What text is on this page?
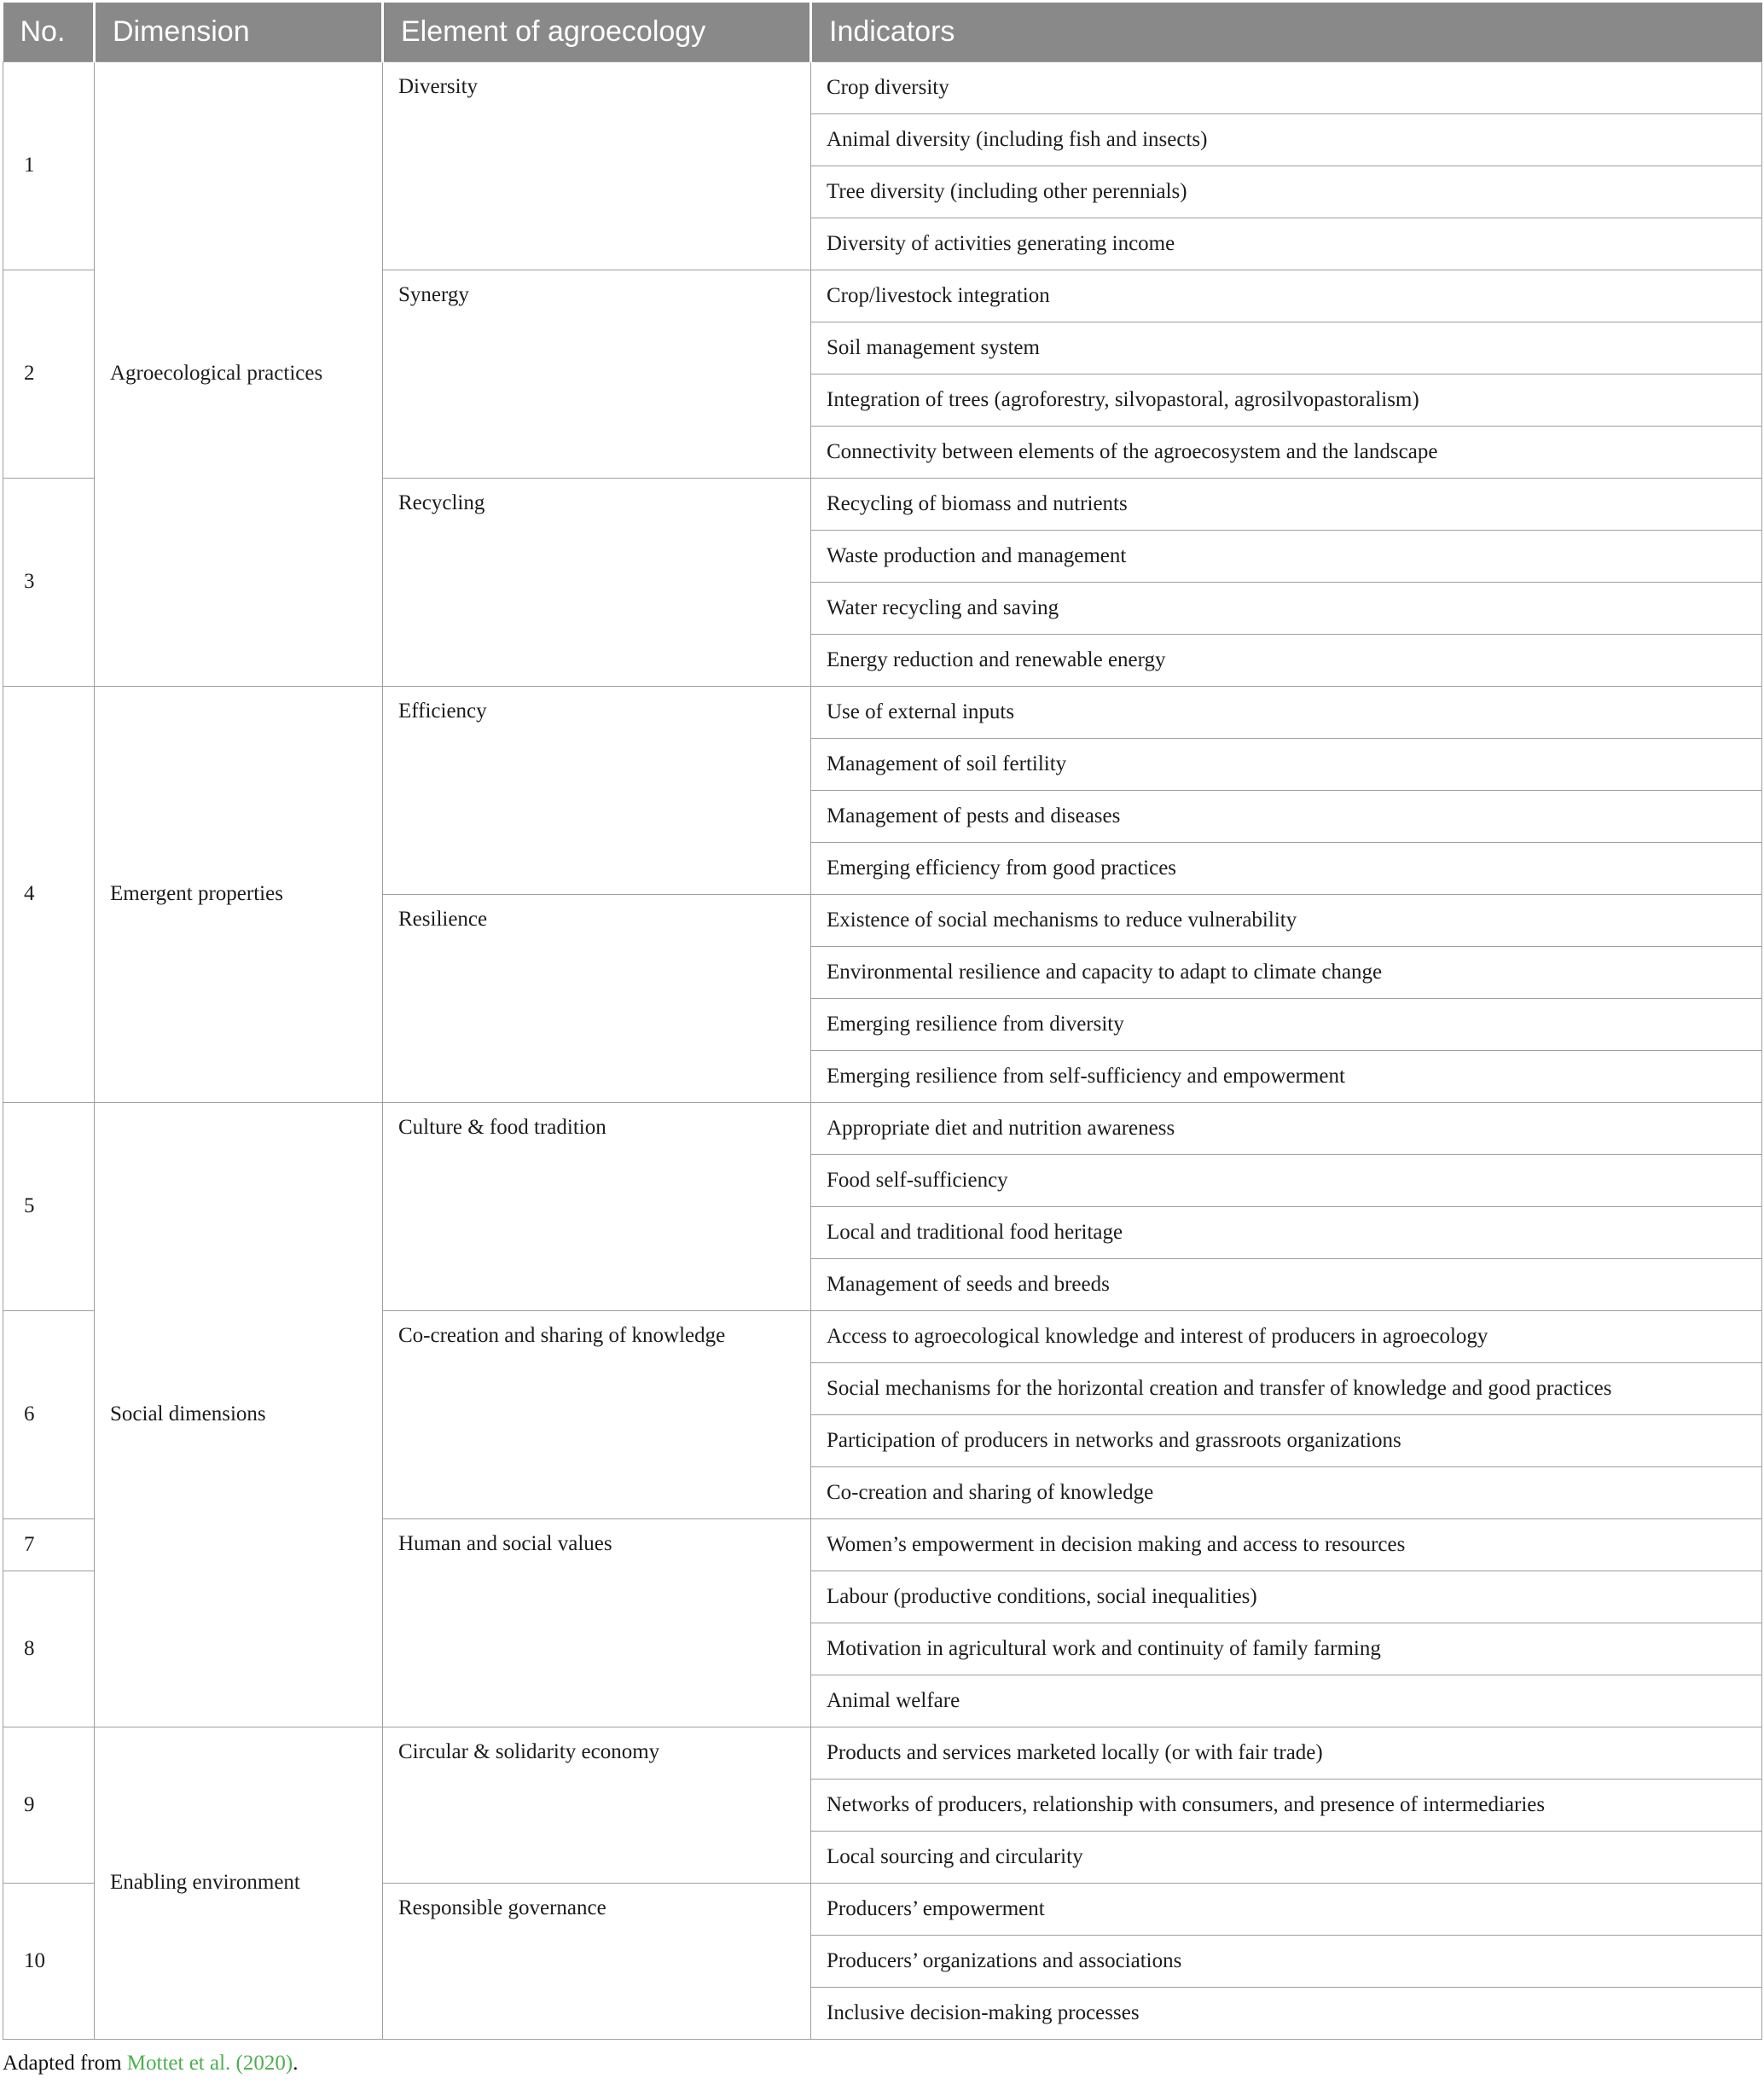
No.	Dimension	Element of agroecology	Indicators
1	Agroecological practices	Diversity	Crop diversity
			Animal diversity (including fish and insects)
			Tree diversity (including other perennials)
			Diversity of activities generating income
2		Synergy	Crop/livestock integration
			Soil management system
			Integration of trees (agroforestry, silvopastoral, agrosilvopastoralism)
			Connectivity between elements of the agroecosystem and the landscape
3		Recycling	Recycling of biomass and nutrients
			Waste production and management
			Water recycling and saving
			Energy reduction and renewable energy
4	Emergent properties	Efficiency	Use of external inputs
			Management of soil fertility
			Management of pests and diseases
			Emerging efficiency from good practices
		Resilience	Existence of social mechanisms to reduce vulnerability
			Environmental resilience and capacity to adapt to climate change
			Emerging resilience from diversity
			Emerging resilience from self-sufficiency and empowerment
5	Social dimensions	Culture & food tradition	Appropriate diet and nutrition awareness
			Food self-sufficiency
			Local and traditional food heritage
			Management of seeds and breeds
6		Co-creation and sharing of knowledge	Access to agroecological knowledge and interest of producers in agroecology
			Social mechanisms for the horizontal creation and transfer of knowledge and good practices
			Participation of producers in networks and grassroots organizations
			Co-creation and sharing of knowledge
7		Human and social values	Women’s empowerment in decision making and access to resources
8			Labour (productive conditions, social inequalities)
			Motivation in agricultural work and continuity of family farming
			Animal welfare
9	Enabling environment	Circular & solidarity economy	Products and services marketed locally (or with fair trade)
			Networks of producers, relationship with consumers, and presence of intermediaries
			Local sourcing and circularity
10		Responsible governance	Producers’ empowerment
			Producers’ organizations and associations
			Inclusive decision-making processes
Adapted from Mottet et al. (2020).
